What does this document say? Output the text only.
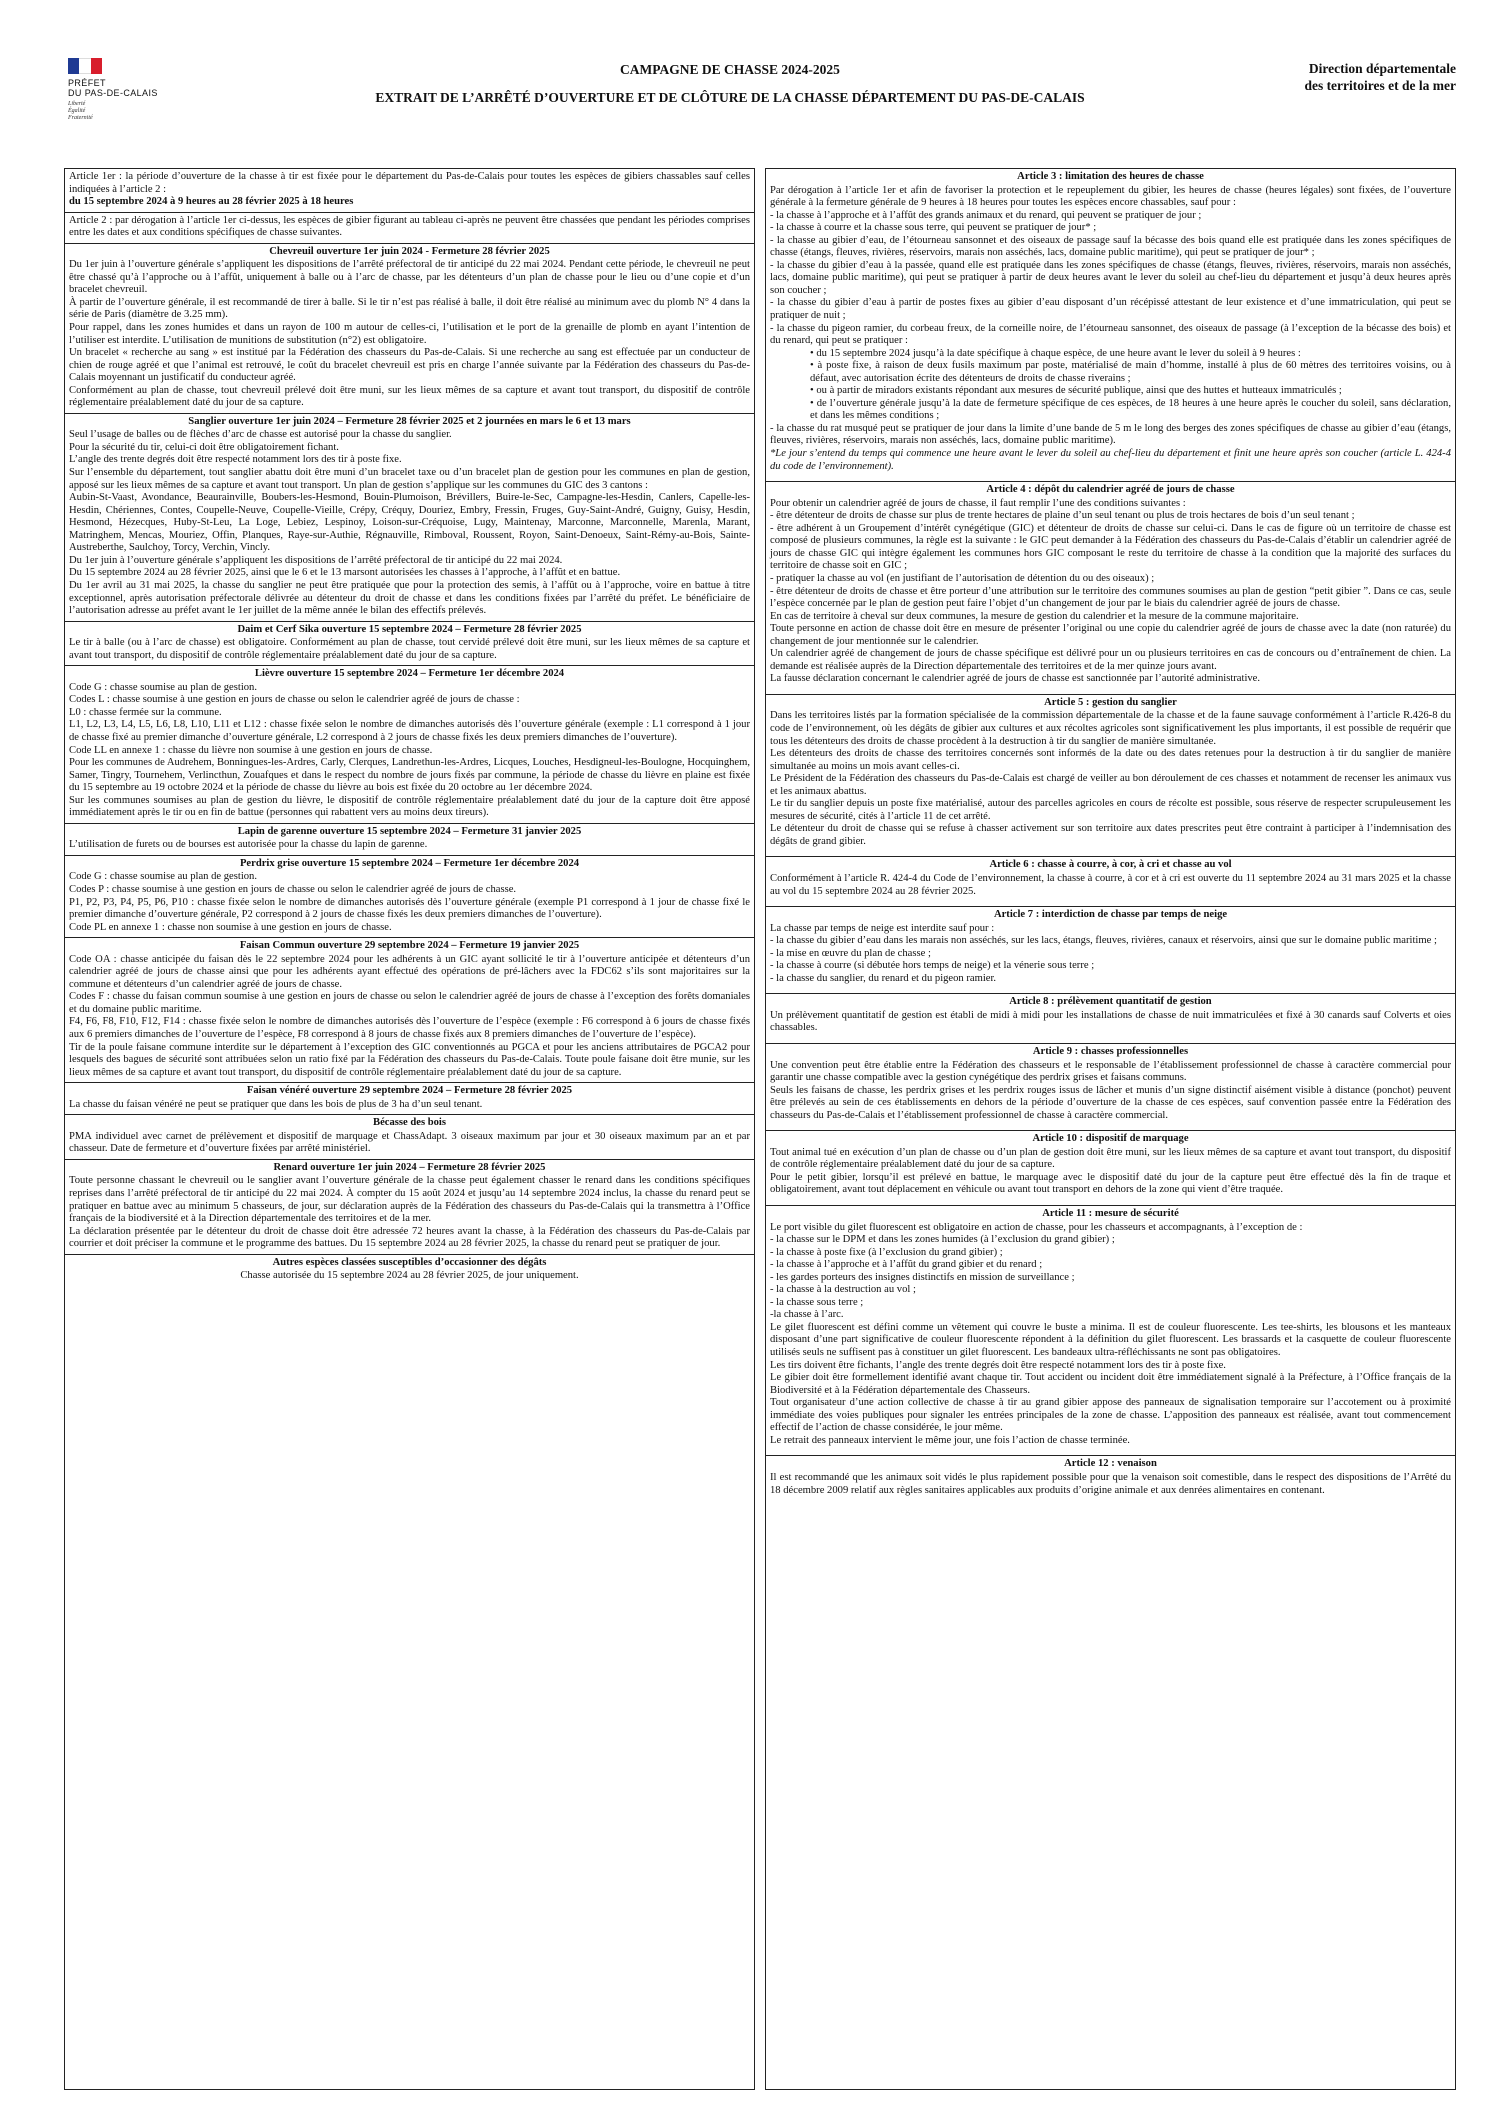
PRÉFET
DU PAS-DE-CALAIS
Liberté
Égalité
Fraternité
CAMPAGNE DE CHASSE 2024-2025
EXTRAIT DE L’ARRÊTÉ D’OUVERTURE ET DE CLÔTURE DE LA CHASSE DÉPARTEMENT DU PAS-DE-CALAIS
Direction départementale
des territoires et de la mer

Article 1er : la période d’ouverture de la chasse à tir est fixée pour le département du Pas-de-Calais pour toutes les espèces de gibiers chassables sauf celles indiquées à l’article 2 :

du 15 septembre 2024 à 9 heures au 28 février 2025 à 18 heures

Article 2 : par dérogation à l’article 1er ci-dessus, les espèces de gibier figurant au tableau ci-après ne peuvent être chassées que pendant les périodes comprises entre les dates et aux conditions spécifiques de chasse suivantes.

Chevreuil ouverture 1er juin 2024 - Fermeture 28 février 2025

Du 1er juin à l’ouverture générale s’appliquent les dispositions de l’arrêté préfectoral de tir anticipé du 22 mai 2024. Pendant cette période, le chevreuil ne peut être chassé qu’à l’approche ou à l’affût, uniquement à balle ou à l’arc de chasse, par les détenteurs d’un plan de chasse pour le lieu ou d’une copie et d’un bracelet chevreuil.

À partir de l’ouverture générale, il est recommandé de tirer à balle. Si le tir n’est pas réalisé à balle, il doit être réalisé au minimum avec du plomb N° 4 dans la série de Paris (diamètre de 3.25 mm).

Pour rappel, dans les zones humides et dans un rayon de 100 m autour de celles-ci, l’utilisation et le port de la grenaille de plomb en ayant l’intention de l’utiliser est interdite. L’utilisation de munitions de substitution (n°2) est obligatoire.

Un bracelet « recherche au sang » est institué par la Fédération des chasseurs du Pas-de-Calais. Si une recherche au sang est effectuée par un conducteur de chien de rouge agréé et que l’animal est retrouvé, le coût du bracelet chevreuil est pris en charge l’année suivante par la Fédération des chasseurs du Pas-de-Calais moyennant un justificatif du conducteur agréé.

Conformément au plan de chasse, tout chevreuil prélevé doit être muni, sur les lieux mêmes de sa capture et avant tout transport, du dispositif de contrôle réglementaire préalablement daté du jour de sa capture.

Sanglier ouverture 1er juin 2024 – Fermeture 28 février 2025 et 2 journées en mars le 6 et 13 mars

Seul l’usage de balles ou de flèches d’arc de chasse est autorisé pour la chasse du sanglier.

Pour la sécurité du tir, celui-ci doit être obligatoirement fichant.

L’angle des trente degrés doit être respecté notamment lors des tir à poste fixe.

Sur l’ensemble du département, tout sanglier abattu doit être muni d’un bracelet taxe ou d’un bracelet plan de gestion pour les communes en plan de gestion, apposé sur les lieux mêmes de sa capture et avant tout transport. Un plan de gestion s’applique sur les communes du GIC des 3 cantons :

Aubin-St-Vaast, Avondance, Beaurainville, Boubers-les-Hesmond, Bouin-Plumoison, Brévillers, Buire-le-Sec, Campagne-les-Hesdin, Canlers, Capelle-les-Hesdin, Chériennes, Contes, Coupelle-Neuve, Coupelle-Vieille, Crépy, Créquy, Douriez, Embry, Fressin, Fruges, Guy-Saint-André, Guigny, Guisy, Hesdin, Hesmond, Hézecques, Huby-St-Leu, La Loge, Lebiez, Lespinoy, Loison-sur-Créquoise, Lugy, Maintenay, Marconne, Marconnelle, Marenla, Marant, Matringhem, Mencas, Mouriez, Offin, Planques, Raye-sur-Authie, Régnauville, Rimboval, Roussent, Royon, Saint-Denoeux, Saint-Rémy-au-Bois, Sainte-Austreberthe, Saulchoy, Torcy, Verchin, Vincly.

Du 1er juin à l’ouverture générale s’appliquent les dispositions de l’arrêté préfectoral de tir anticipé du 22 mai 2024.

Du 15 septembre 2024 au 28 février 2025, ainsi que le 6 et le 13 marsont autorisées les chasses à l’approche, à l’affût et en battue.

Du 1er avril au 31 mai 2025, la chasse du sanglier ne peut être pratiquée que pour la protection des semis, à l’affût ou à l’approche, voire en battue à titre exceptionnel, après autorisation préfectorale délivrée au détenteur du droit de chasse et dans les conditions fixées par l’arrêté du préfet. Le bénéficiaire de l’autorisation adresse au préfet avant le 1er juillet de la même année le bilan des effectifs prélevés.

Daim et Cerf Sika ouverture 15 septembre 2024 – Fermeture 28 février 2025

Le tir à balle (ou à l’arc de chasse) est obligatoire. Conformément au plan de chasse, tout cervidé prélevé doit être muni, sur les lieux mêmes de sa capture et avant tout transport, du dispositif de contrôle réglementaire préalablement daté du jour de sa capture.

Lièvre ouverture 15 septembre 2024 – Fermeture 1er décembre 2024

Code G : chasse soumise au plan de gestion.

Codes L : chasse soumise à une gestion en jours de chasse ou selon le calendrier agréé de jours de chasse :

L0 : chasse fermée sur la commune.

L1, L2, L3, L4, L5, L6, L8, L10, L11 et L12 : chasse fixée selon le nombre de dimanches autorisés dès l’ouverture générale (exemple : L1 correspond à 1 jour de chasse fixé au premier dimanche d’ouverture générale, L2 correspond à 2 jours de chasse fixés les deux premiers dimanches de l’ouverture).

Code LL en annexe 1 : chasse du lièvre non soumise à une gestion en jours de chasse.

Pour les communes de Audrehem, Bonningues-les-Ardres, Carly, Clerques, Landrethun-les-Ardres, Licques, Louches, Hesdigneul-les-Boulogne, Hocquinghem, Samer, Tingry, Tournehem, Verlincthun, Zouafques et dans le respect du nombre de jours fixés par commune, la période de chasse du lièvre en plaine est fixée du 15 septembre au 19 octobre 2024 et la période de chasse du lièvre au bois est fixée du 20 octobre au 1er décembre 2024.

Sur les communes soumises au plan de gestion du lièvre, le dispositif de contrôle réglementaire préalablement daté du jour de la capture doit être apposé immédiatement après le tir ou en fin de battue (personnes qui rabattent vers au moins deux tireurs).

Lapin de garenne ouverture 15 septembre 2024 – Fermeture 31 janvier 2025

L’utilisation de furets ou de bourses est autorisée pour la chasse du lapin de garenne.

Perdrix grise ouverture 15 septembre 2024 – Fermeture 1er décembre 2024

Code G : chasse soumise au plan de gestion.

Codes P : chasse soumise à une gestion en jours de chasse ou selon le calendrier agréé de jours de chasse.

P1, P2, P3, P4, P5, P6, P10 : chasse fixée selon le nombre de dimanches autorisés dès l’ouverture générale (exemple P1 correspond à 1 jour de chasse fixé le premier dimanche d’ouverture générale, P2 correspond à 2 jours de chasse fixés les deux premiers dimanches de l’ouverture).

Code PL en annexe 1 : chasse non soumise à une gestion en jours de chasse.

Faisan Commun ouverture 29 septembre 2024 – Fermeture 19 janvier 2025

Code OA : chasse anticipée du faisan dès le 22 septembre 2024 pour les adhérents à un GIC ayant sollicité le tir à l’ouverture anticipée et détenteurs d’un calendrier agréé de jours de chasse ainsi que pour les adhérents ayant effectué des opérations de pré-lâchers avec la FDC62 s’ils sont majoritaires sur la commune et détenteurs d’un calendrier agréé de jours de chasse.

Codes F : chasse du faisan commun soumise à une gestion en jours de chasse ou selon le calendrier agréé de jours de chasse à l’exception des forêts domaniales et du domaine public maritime.

F4, F6, F8, F10, F12, F14 : chasse fixée selon le nombre de dimanches autorisés dès l’ouverture de l’espèce (exemple : F6 correspond à 6 jours de chasse fixés aux 6 premiers dimanches de l’ouverture de l’espèce, F8 correspond à 8 jours de chasse fixés aux 8 premiers dimanches de l’ouverture de l’espèce).

Tir de la poule faisane commune interdite sur le département à l’exception des GIC conventionnés au PGCA et pour les anciens attributaires de PGCA2 pour lesquels des bagues de sécurité sont attribuées selon un ratio fixé par la Fédération des chasseurs du Pas-de-Calais. Toute poule faisane doit être munie, sur les lieux mêmes de sa capture et avant tout transport, du dispositif de contrôle réglementaire préalablement daté du jour de sa capture.

Faisan vénéré ouverture 29 septembre 2024 – Fermeture 28 février 2025

La chasse du faisan vénéré ne peut se pratiquer que dans les bois de plus de 3 ha d’un seul tenant.

Bécasse des bois

PMA individuel avec carnet de prélèvement et dispositif de marquage et ChassAdapt. 3 oiseaux maximum par jour et 30 oiseaux maximum par an et par chasseur. Date de fermeture et d’ouverture fixées par arrêté ministériel.

Renard ouverture 1er juin 2024 – Fermeture 28 février 2025

Toute personne chassant le chevreuil ou le sanglier avant l’ouverture générale de la chasse peut également chasser le renard dans les conditions spécifiques reprises dans l’arrêté préfectoral de tir anticipé du 22 mai 2024. À compter du 15 août 2024 et jusqu’au 14 septembre 2024 inclus, la chasse du renard peut se pratiquer en battue avec au minimum 5 chasseurs, de jour, sur déclaration auprès de la Fédération des chasseurs du Pas-de-Calais qui la transmettra à l’Office français de la biodiversité et à la Direction départementale des territoires et de la mer.

La déclaration présentée par le détenteur du droit de chasse doit être adressée 72 heures avant la chasse, à la Fédération des chasseurs du Pas-de-Calais par courrier et doit préciser la commune et le programme des battues. Du 15 septembre 2024 au 28 février 2025, la chasse du renard peut se pratiquer de jour.

Autres espèces classées susceptibles d’occasionner des dégâts

Chasse autorisée du 15 septembre 2024 au 28 février 2025, de jour uniquement.

Article 3 : limitation des heures de chasse

Par dérogation à l’article 1er et afin de favoriser la protection et le repeuplement du gibier, les heures de chasse (heures légales) sont fixées, de l’ouverture générale à la fermeture générale de 9 heures à 18 heures pour toutes les espèces encore chassables, sauf pour :

- la chasse à l’approche et à l’affût des grands animaux et du renard, qui peuvent se pratiquer de jour ;

- la chasse à courre et la chasse sous terre, qui peuvent se pratiquer de jour* ;

- la chasse au gibier d’eau, de l’étourneau sansonnet et des oiseaux de passage sauf la bécasse des bois quand elle est pratiquée dans les zones spécifiques de chasse (étangs, fleuves, rivières, réservoirs, marais non asséchés, lacs, domaine public maritime), qui peut se pratiquer de jour* ;

- la chasse du gibier d’eau à la passée, quand elle est pratiquée dans les zones spécifiques de chasse (étangs, fleuves, rivières, réservoirs, marais non asséchés, lacs, domaine public maritime), qui peut se pratiquer à partir de deux heures avant le lever du soleil au chef-lieu du département et jusqu’à deux heures après son coucher ;

- la chasse du gibier d’eau à partir de postes fixes au gibier d’eau disposant d’un récépissé attestant de leur existence et d’une immatriculation, qui peut se pratiquer de nuit ;

- la chasse du pigeon ramier, du corbeau freux, de la corneille noire, de l’étourneau sansonnet, des oiseaux de passage (à l’exception de la bécasse des bois) et du renard, qui peut se pratiquer :

• du 15 septembre 2024 jusqu’à la date spécifique à chaque espèce, de une heure avant le lever du soleil à 9 heures :

• à poste fixe, à raison de deux fusils maximum par poste, matérialisé de main d’homme, installé à plus de 60 mètres des territoires voisins, ou à défaut, avec autorisation écrite des détenteurs de droits de chasse riverains ;

• ou à partir de miradors existants répondant aux mesures de sécurité publique, ainsi que des huttes et hutteaux immatriculés ;

• de l’ouverture générale jusqu’à la date de fermeture spécifique de ces espèces, de 18 heures à une heure après le coucher du soleil, sans déclaration, et dans les mêmes conditions ;

- la chasse du rat musqué peut se pratiquer de jour dans la limite d’une bande de 5 m le long des berges des zones spécifiques de chasse au gibier d’eau (étangs, fleuves, rivières, réservoirs, marais non asséchés, lacs, domaine public maritime).

*Le jour s’entend du temps qui commence une heure avant le lever du soleil au chef-lieu du département et finit une heure après son coucher (article L. 424-4 du code de l’environnement).

Article 4 : dépôt du calendrier agréé de jours de chasse

Pour obtenir un calendrier agréé de jours de chasse, il faut remplir l’une des conditions suivantes :

- être détenteur de droits de chasse sur plus de trente hectares de plaine d’un seul tenant ou plus de trois hectares de bois d’un seul tenant ;

- être adhérent à un Groupement d’intérêt cynégétique (GIC) et détenteur de droits de chasse sur celui-ci. Dans le cas de figure où un territoire de chasse est composé de plusieurs communes, la règle est la suivante : le GIC peut demander à la Fédération des chasseurs du Pas-de-Calais d’établir un calendrier agréé de jours de chasse GIC qui intègre également les communes hors GIC composant le reste du territoire de chasse à la condition que la majorité des surfaces du territoire de chasse soit en GIC ;

- pratiquer la chasse au vol (en justifiant de l’autorisation de détention du ou des oiseaux) ;

- être détenteur de droits de chasse et être porteur d’une attribution sur le territoire des communes soumises au plan de gestion “petit gibier ”. Dans ce cas, seule l’espèce concernée par le plan de gestion peut faire l’objet d’un changement de jour par le biais du calendrier agréé de jours de chasse.

En cas de territoire à cheval sur deux communes, la mesure de gestion du calendrier et la mesure de la commune majoritaire.

Toute personne en action de chasse doit être en mesure de présenter l’original ou une copie du calendrier agréé de jours de chasse avec la date (non raturée) du changement de jour mentionnée sur le calendrier.

Un calendrier agréé de changement de jours de chasse spécifique est délivré pour un ou plusieurs territoires en cas de concours ou d’entraînement de chien. La demande est réalisée auprès de la Direction départementale des territoires et de la mer quinze jours avant.

La fausse déclaration concernant le calendrier agréé de jours de chasse est sanctionnée par l’autorité administrative.

Article 5 : gestion du sanglier

Dans les territoires listés par la formation spécialisée de la commission départementale de la chasse et de la faune sauvage conformément à l’article R.426-8 du code de l’environnement, où les dégâts de gibier aux cultures et aux récoltes agricoles sont significativement les plus importants, il est possible de requérir que tous les détenteurs des droits de chasse procèdent à la destruction à tir du sanglier de manière simultanée.

Les détenteurs des droits de chasse des territoires concernés sont informés de la date ou des dates retenues pour la destruction à tir du sanglier de manière simultanée au moins un mois avant celles-ci.

Le Président de la Fédération des chasseurs du Pas-de-Calais est chargé de veiller au bon déroulement de ces chasses et notamment de recenser les animaux vus et les animaux abattus.

Le tir du sanglier depuis un poste fixe matérialisé, autour des parcelles agricoles en cours de récolte est possible, sous réserve de respecter scrupuleusement les mesures de sécurité, cités à l’article 11 de cet arrêté.

Le détenteur du droit de chasse qui se refuse à chasser activement sur son territoire aux dates prescrites peut être contraint à participer à l’indemnisation des dégâts de grand gibier.

Article 6 : chasse à courre, à cor, à cri et chasse au vol

Conformément à l’article R. 424-4 du Code de l’environnement, la chasse à courre, à cor et à cri est ouverte du 11 septembre 2024 au 31 mars 2025 et la chasse au vol du 15 septembre 2024 au 28 février 2025.

Article 7 : interdiction de chasse par temps de neige

La chasse par temps de neige est interdite sauf pour :

- la chasse du gibier d’eau dans les marais non asséchés, sur les lacs, étangs, fleuves, rivières, canaux et réservoirs, ainsi que sur le domaine public maritime ;

- la mise en œuvre du plan de chasse ;

- la chasse à courre (si débutée hors temps de neige) et la vénerie sous terre ;

- la chasse du sanglier, du renard et du pigeon ramier.

Article 8 : prélèvement quantitatif de gestion

Un prélèvement quantitatif de gestion est établi de midi à midi pour les installations de chasse de nuit immatriculées et fixé à 30 canards sauf Colverts et oies chassables.

Article 9 : chasses professionnelles

Une convention peut être établie entre la Fédération des chasseurs et le responsable de l’établissement professionnel de chasse à caractère commercial pour garantir une chasse compatible avec la gestion cynégétique des perdrix grises et faisans communs.

Seuls les faisans de chasse, les perdrix grises et les perdrix rouges issus de lâcher et munis d’un signe distinctif aisément visible à distance (ponchot) peuvent être prélevés au sein de ces établissements en dehors de la période d’ouverture de la chasse de ces espèces, sauf convention passée entre la Fédération des chasseurs du Pas-de-Calais et l’établissement professionnel de chasse à caractère commercial.

Article 10 : dispositif de marquage

Tout animal tué en exécution d’un plan de chasse ou d’un plan de gestion doit être muni, sur les lieux mêmes de sa capture et avant tout transport, du dispositif de contrôle réglementaire préalablement daté du jour de sa capture.

Pour le petit gibier, lorsqu’il est prélevé en battue, le marquage avec le dispositif daté du jour de la capture peut être effectué dès la fin de traque et obligatoirement, avant tout déplacement en véhicule ou avant tout transport en dehors de la zone qui vient d’être traquée.

Article 11 : mesure de sécurité

Le port visible du gilet fluorescent est obligatoire en action de chasse, pour les chasseurs et accompagnants, à l’exception de :

- la chasse sur le DPM et dans les zones humides (à l’exclusion du grand gibier) ;

- la chasse à poste fixe (à l’exclusion du grand gibier) ;

- la chasse à l’approche et à l’affût du grand gibier et du renard ;

- les gardes porteurs des insignes distinctifs en mission de surveillance ;

- la chasse à la destruction au vol ;

- la chasse sous terre ;

-la chasse à l’arc.

Le gilet fluorescent est défini comme un vêtement qui couvre le buste a minima. Il est de couleur fluorescente. Les tee-shirts, les blousons et les manteaux disposant d’une part significative de couleur fluorescente répondent à la définition du gilet fluorescent. Les brassards et la casquette de couleur fluorescente utilisés seuls ne suffisent pas à constituer un gilet fluorescent. Les bandeaux ultra-réfléchissants ne sont pas obligatoires.

Les tirs doivent être fichants, l’angle des trente degrés doit être respecté notamment lors des tir à poste fixe.

Le gibier doit être formellement identifié avant chaque tir. Tout accident ou incident doit être immédiatement signalé à la Préfecture, à l’Office français de la Biodiversité et à la Fédération départementale des Chasseurs.

Tout organisateur d’une action collective de chasse à tir au grand gibier appose des panneaux de signalisation temporaire sur l’accotement ou à proximité immédiate des voies publiques pour signaler les entrées principales de la zone de chasse. L’apposition des panneaux est réalisée, avant tout commencement effectif de l’action de chasse considérée, le jour même.

Le retrait des panneaux intervient le même jour, une fois l’action de chasse terminée.

Article 12 : venaison

Il est recommandé que les animaux soit vidés le plus rapidement possible pour que la venaison soit comestible, dans le respect des dispositions de l’Arrêté du 18 décembre 2009 relatif aux règles sanitaires applicables aux produits d’origine animale et aux denrées alimentaires en contenant.
